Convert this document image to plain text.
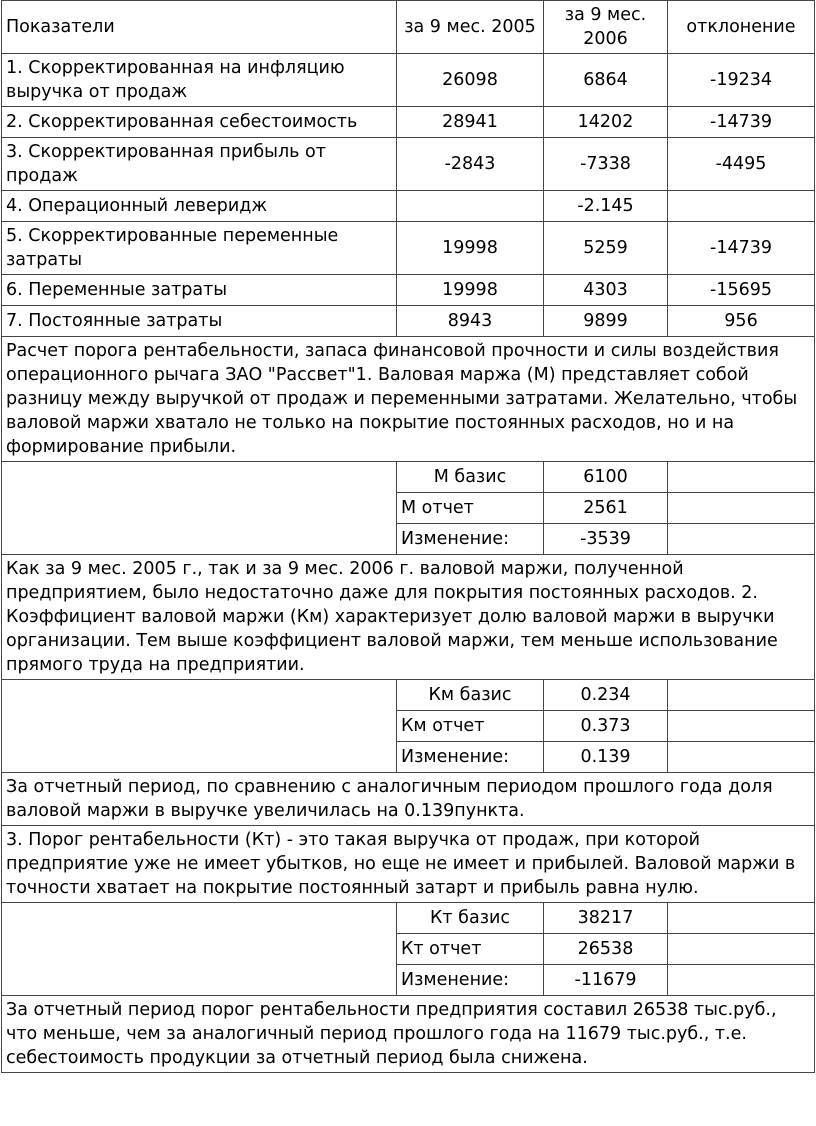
Показатели	за 9 мес. 2005	за 9 мес. 2006	отклонение
1. Скорректированная на инфляцию выручка от продаж	26098	6864	-19234
2. Скорректированная себестоимость	28941	14202	-14739
3. Скорректированная прибыль от продаж	-2843	-7338	-4495
4. Операционный леверидж		-2.145	
5. Скорректированные переменные затраты	19998	5259	-14739
6. Переменные затраты	19998	4303	-15695
7. Постоянные затраты	8943	9899	956
Расчет порога рентабельности, запаса финансовой прочности и силы воздействия операционного рычага ЗАО "Рассвет"1. Валовая маржа (М) представляет собой разницу между выручкой от продаж и переменными затратами. Желательно, чтобы валовой маржи хватало не только на покрытие постоянных расходов, но и на формирование прибыли.			
	М базис	6100	
	М отчет	2561	
	Изменение:	-3539	
Как за 9 мес. 2005 г., так и за 9 мес. 2006 г. валовой маржи, полученной предприятием, было недостаточно даже для покрытия постоянных расходов. 2. Коэффициент валовой маржи (Км) характеризует долю валовой маржи в выручки организации. Тем выше коэффициент валовой маржи, тем меньше использование прямого труда на предприятии.			
	Км базис	0.234	
	Км отчет	0.373	
	Изменение:	0.139	
За отчетный период, по сравнению с аналогичным периодом прошлого года доля валовой маржи в выручке увеличилась на 0.139пункта.			
3. Порог рентабельности (Кт) - это такая выручка от продаж, при которой предприятие уже не имеет убытков, но еще не имеет и прибылей. Валовой маржи в точности хватает на покрытие постоянный затарт и прибыль равна нулю.			
	Кт базис	38217	
	Кт отчет	26538	
	Изменение:	-11679	
За отчетный период порог рентабельности предприятия составил 26538 тыс.руб., что меньше, чем за аналогичный период прошлого года на 11679 тыс.руб., т.е. себестоимость продукции за отчетный период была снижена.			
